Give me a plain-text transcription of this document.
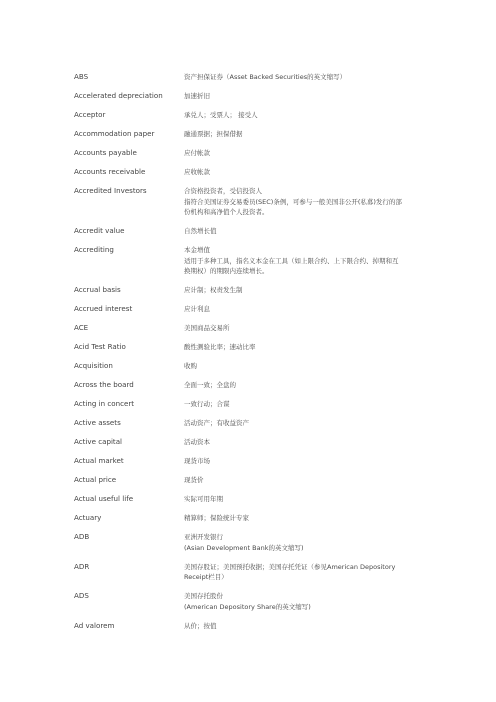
ABS	资产担保证券（Asset Backed Securities的英文缩写）
Accelerated depreciation	加速折旧
Acceptor	承兑人；受票人； 接受人
Accommodation paper	融通票据；担保借据
Accounts payable	应付帐款
Accounts receivable	应收帐款
Accredited Investors	合资格投资者，受信投资人
指符合美国证券交易委员(SEC)条例，可参与一般美国非公开(私募)发行的部
份机构和高净值个人投资者。
Accredit value	自然增长值
Accrediting	本金增值
适用于多种工具，指名义本金在工具（如上限合约、上下限合约、掉期和互
换期权）的期限内连续增长。
Accrual basis	应计制；权责发生制
Accrued interest	应计利息
ACE	美国商品交易所
Acid Test Ratio	酸性测验比率；速动比率
Acquisition	收购
Across the board	全面一致；全盘的
Acting in concert	一致行动；合谋
Active assets	活动资产；有收益资产
Active capital	活动资本
Actual market	现货市场
Actual price	现货价
Actual useful life	实际可用年期
Actuary	精算师；保险统计专家
ADB	亚洲开发银行
(Asian Development Bank的英文缩写)
ADR	美国存股证；美国预托收据；美国存托凭证（参见American Depository
Receipt栏目）
ADS	美国存托股份
(American Depository Share的英文缩写)
Ad valorem	从价；按值
